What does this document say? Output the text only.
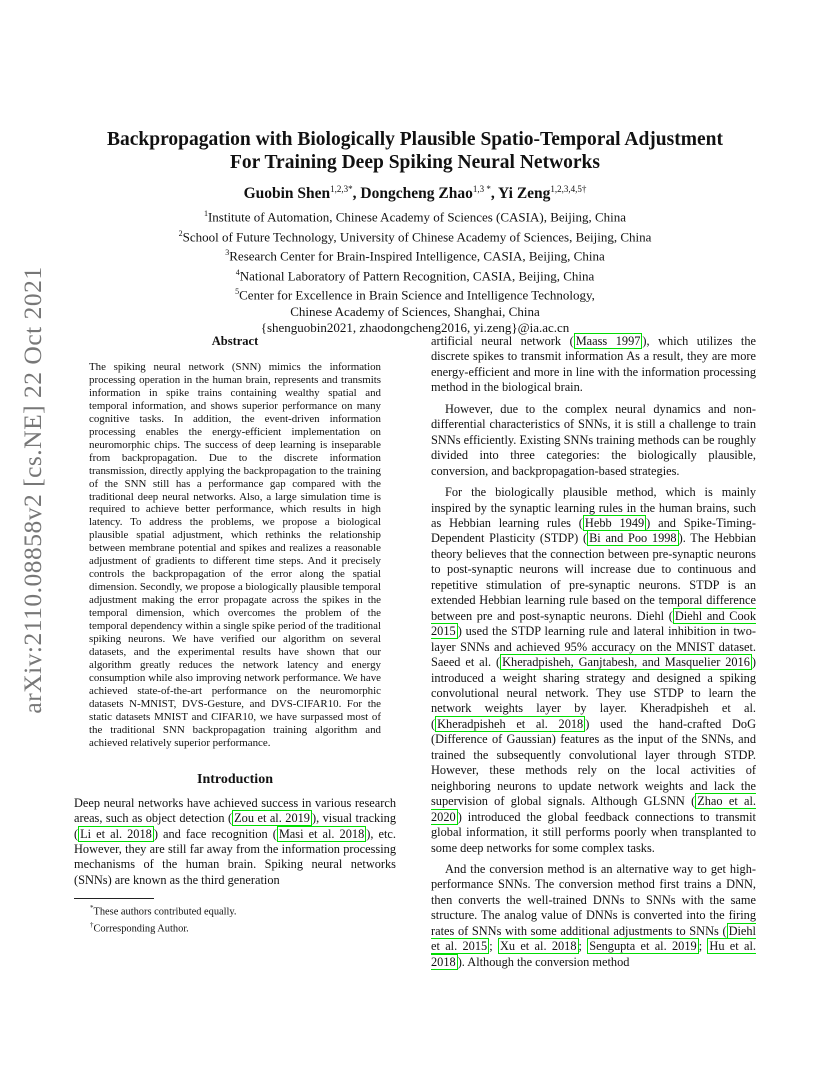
arXiv:2110.08858v2 [cs.NE] 22 Oct 2021
Backpropagation with Biologically Plausible Spatio-Temporal Adjustment
For Training Deep Spiking Neural Networks
Guobin Shen$^{1,2,3*}$, Dongcheng Zhao$^{1,3 *}$, Yi Zeng$^{1,2,3,4,5\dagger}$
$^1$Institute of Automation, Chinese Academy of Sciences (CASIA), Beijing, China
$^2$School of Future Technology, University of Chinese Academy of Sciences, Beijing, China
$^3$Research Center for Brain-Inspired Intelligence, CASIA, Beijing, China
$^4$National Laboratory of Pattern Recognition, CASIA, Beijing, China
$^5$Center for Excellence in Brain Science and Intelligence Technology,
Chinese Academy of Sciences, Shanghai, China
{shenguobin2021, zhaodongcheng2016, yi.zeng}@ia.ac.cn
Abstract
The spiking neural network (SNN) mimics the information processing operation in the human brain, represents and transmits information in spike trains containing wealthy spatial and temporal information, and shows superior performance on many cognitive tasks. In addition, the event-driven information processing enables the energy-efficient implementation on neuromorphic chips. The success of deep learning is inseparable from backpropagation. Due to the discrete information transmission, directly applying the backpropagation to the training of the SNN still has a performance gap compared with the traditional deep neural networks. Also, a large simulation time is required to achieve better performance, which results in high latency. To address the problems, we propose a biological plausible spatial adjustment, which rethinks the relationship between membrane potential and spikes and realizes a reasonable adjustment of gradients to different time steps. And it precisely controls the backpropagation of the error along the spatial dimension. Secondly, we propose a biologically plausible temporal adjustment making the error propagate across the spikes in the temporal dimension, which overcomes the problem of the temporal dependency within a single spike period of the traditional spiking neurons. We have verified our algorithm on several datasets, and the experimental results have shown that our algorithm greatly reduces the network latency and energy consumption while also improving network performance. We have achieved state-of-the-art performance on the neuromorphic datasets N-MNIST, DVS-Gesture, and DVS-CIFAR10. For the static datasets MNIST and CIFAR10, we have surpassed most of the traditional SNN backpropagation training algorithm and achieved relatively superior performance.
Introduction

Deep neural networks have achieved success in various research areas, such as object detection ( Zou et al. 2019 ), visual tracking ( Li et al. 2018 ) and face recognition ( Masi et al. 2018 ), etc. However, they are still far away from the information processing mechanisms of the human brain. Spiking neural networks (SNNs) are known as the third generation

*These authors contributed equally.
†Corresponding Author.

artificial neural network ( Maass 1997 ), which utilizes the discrete spikes to transmit information As a result, they are more energy-efficient and more in line with the information processing method in the biological brain.

However, due to the complex neural dynamics and non-differential characteristics of SNNs, it is still a challenge to train SNNs efficiently. Existing SNNs training methods can be roughly divided into three categories: the biologically plausible, conversion, and backpropagation-based strategies.

For the biologically plausible method, which is mainly inspired by the synaptic learning rules in the human brains, such as Hebbian learning rules ( Hebb 1949 ) and Spike-Timing-Dependent Plasticity (STDP) ( Bi and Poo 1998 ). The Hebbian theory believes that the connection between pre-synaptic neurons to post-synaptic neurons will increase due to continuous and repetitive stimulation of pre-synaptic neurons. STDP is an extended Hebbian learning rule based on the temporal difference between pre and post-synaptic neurons. Diehl ( Diehl and Cook 2015 ) used the STDP learning rule and lateral inhibition in two-layer SNNs and achieved 95% accuracy on the MNIST dataset. Saeed et al. ( Kheradpisheh, Ganjtabesh, and Masquelier 2016 ) introduced a weight sharing strategy and designed a spiking convolutional neural network. They use STDP to learn the network weights layer by layer. Kheradpisheh et al. ( Kheradpisheh et al. 2018 ) used the hand-crafted DoG (Difference of Gaussian) features as the input of the SNNs, and trained the subsequently convolutional layer through STDP. However, these methods rely on the local activities of neighboring neurons to update network weights and lack the supervision of global signals. Although GLSNN ( Zhao et al. 2020 ) introduced the global feedback connections to transmit global information, it still performs poorly when transplanted to some deep networks for some complex tasks.

And the conversion method is an alternative way to get high-performance SNNs. The conversion method first trains a DNN, then converts the well-trained DNNs to SNNs with the same structure. The analog value of DNNs is converted into the firing rates of SNNs with some additional adjustments to SNNs ( Diehl et al. 2015 ; Xu et al. 2018 ; Sengupta et al. 2019 ; Hu et al. 2018 ). Although the conversion method
